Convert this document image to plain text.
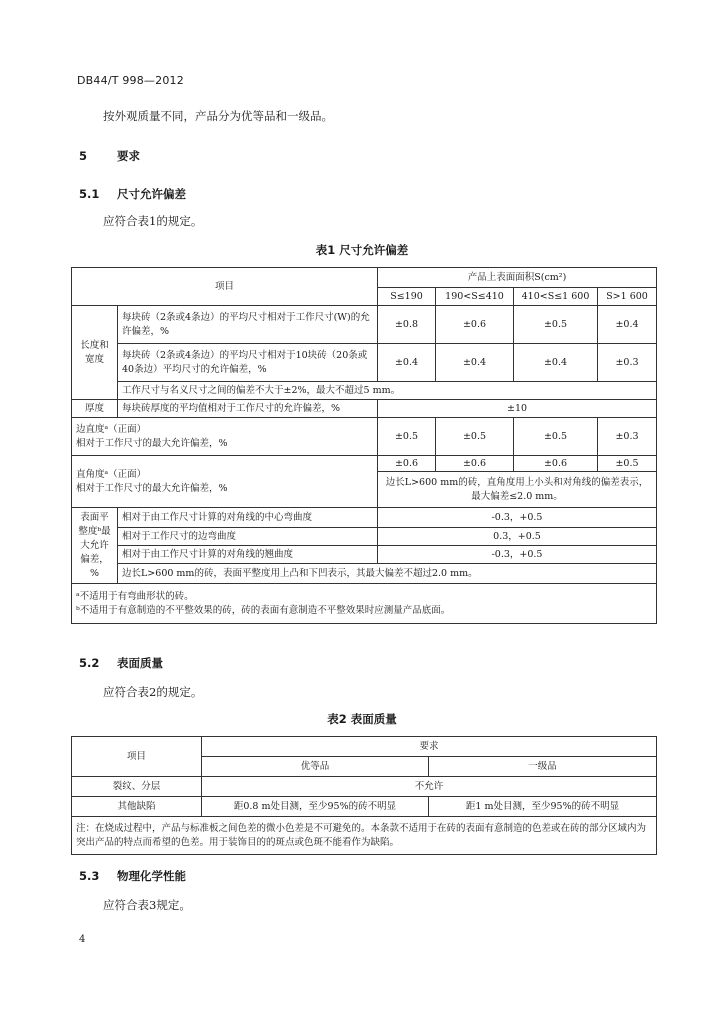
DB44/T 998—2012
按外观质量不同，产品分为优等品和一级品。
5	要求
5.1 尺寸允许偏差
应符合表1的规定。
表1 尺寸允许偏差
项目		产品上表面面积S(cm²)			
		S≤190	190<S≤410	410<S≤1 600	S>1 600
长度和宽度	每块砖（2条或4条边）的平均尺寸相对于工作尺寸(W)的允许偏差，%	±0.8	±0.6	±0.5	±0.4
	每块砖（2条或4条边）的平均尺寸相对于10块砖（20条或40条边）平均尺寸的允许偏差，%	±0.4	±0.4	±0.4	±0.3
	工作尺寸与名义尺寸之间的偏差不大于±2%，最大不超过5 mm。				
厚度	每块砖厚度的平均值相对于工作尺寸的允许偏差，%	±10			

边直度ᵃ（正面）
相对于工作尺寸的最大允许偏差，%		±0.5	±0.5	±0.5	±0.3

直角度ᵃ（正面）
相对于工作尺寸的最大允许偏差，%		±0.6	±0.6	±0.6	±0.5
		边长L>600 mm的砖，直角度用上小头和对角线的偏差表示，最大偏差≤2.0 mm。			
表面平整度ᵇ最大允许偏差，%	相对于由工作尺寸计算的对角线的中心弯曲度	-0.3，+0.5			
	相对于工作尺寸的边弯曲度	0.3，+0.5			
	相对于由工作尺寸计算的对角线的翘曲度	-0.3，+0.5			
	边长L>600 mm的砖，表面平整度用上凸和下凹表示，其最大偏差不超过2.0 mm。				

ᵃ不适用于有弯曲形状的砖。
ᵇ不适用于有意制造的不平整效果的砖，砖的表面有意制造不平整效果时应测量产品底面。					
5.2 表面质量
应符合表2的规定。
表2 表面质量
项目	要求	
	优等品	一级品
裂纹、分层	不允许	
其他缺陷	距0.8 m处目测，至少95%的砖不明显	距1 m处目测，至少95%的砖不明显
注：在烧成过程中，产品与标准板之间色差的微小色差是不可避免的。本条款不适用于在砖的表面有意制造的色差或在砖的部分区域内为突出产品的特点而希望的色差。用于装饰目的的斑点或色斑不能看作为缺陷。		
5.3 物理化学性能
应符合表3规定。
4
